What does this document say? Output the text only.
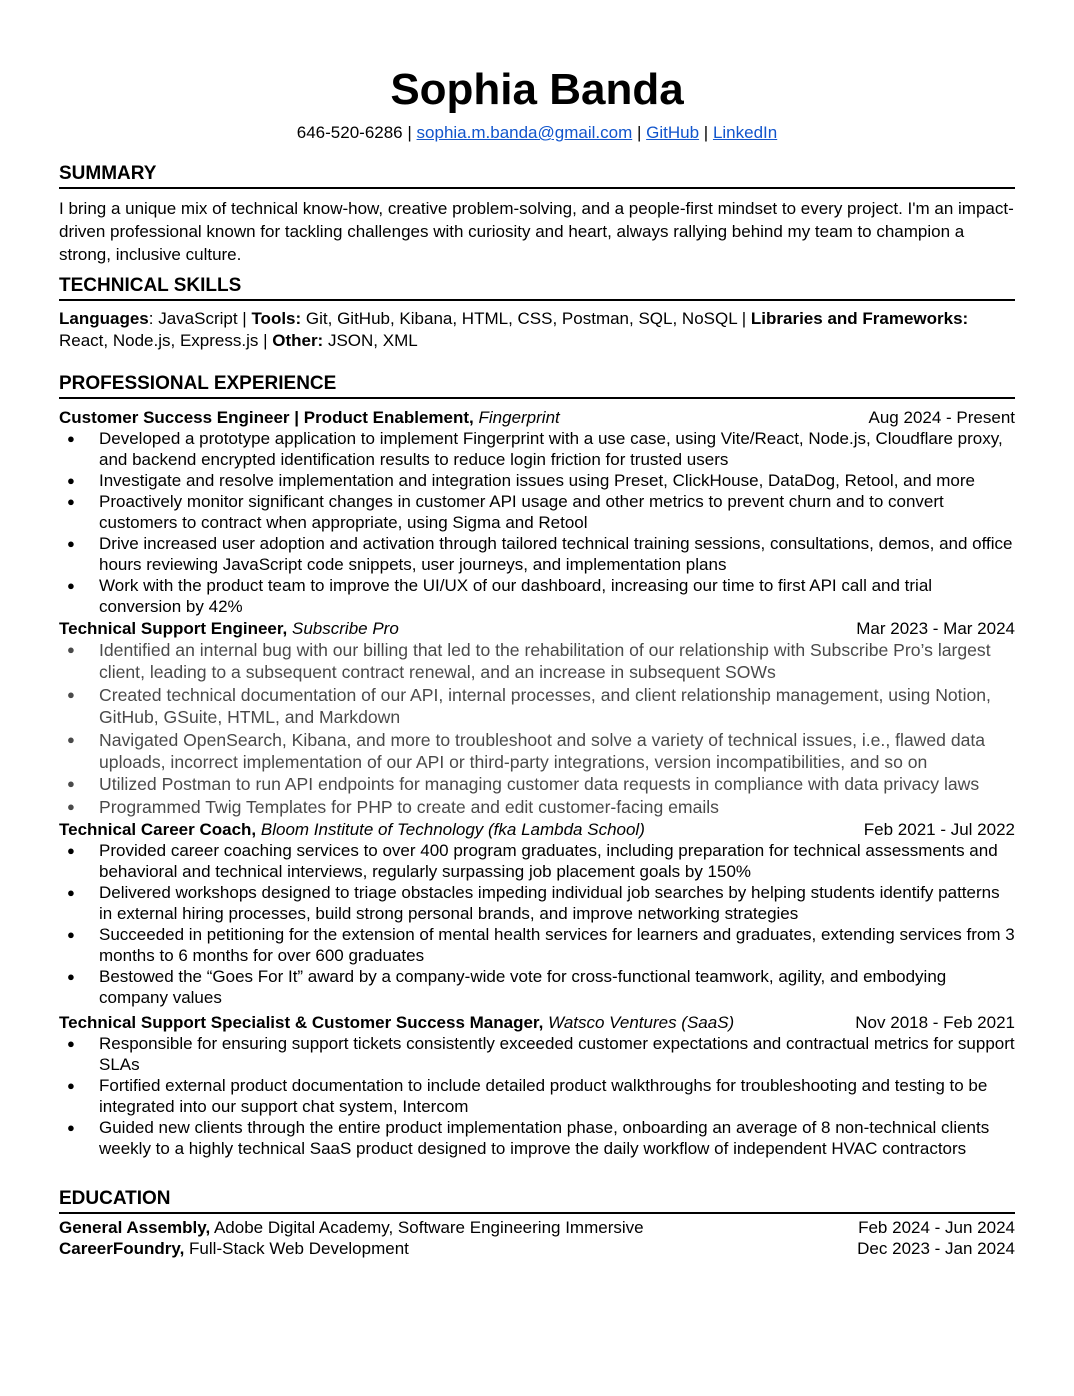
Sophia Banda
646-520-6286 | sophia.m.banda@gmail.com | GitHub | LinkedIn
SUMMARY
I bring a unique mix of technical know-how, creative problem-solving, and a people-first mindset to every project. I'm an impact-driven professional known for tackling challenges with curiosity and heart, always rallying behind my team to champion a strong, inclusive culture.
TECHNICAL SKILLS
Languages: JavaScript | Tools: Git, GitHub, Kibana, HTML, CSS, Postman, SQL, NoSQL | Libraries and Frameworks: React, Node.js, Express.js | Other: JSON, XML
PROFESSIONAL EXPERIENCE
Customer Success Engineer | Product Enablement, Fingerprint	Aug 2024 - Present
● Developed a prototype application to implement Fingerprint with a use case, using Vite/React, Node.js, Cloudflare proxy, and backend encrypted identification results to reduce login friction for trusted users
● Investigate and resolve implementation and integration issues using Preset, ClickHouse, DataDog, Retool, and more
● Proactively monitor significant changes in customer API usage and other metrics to prevent churn and to convert customers to contract when appropriate, using Sigma and Retool
● Drive increased user adoption and activation through tailored technical training sessions, consultations, demos, and office hours reviewing JavaScript code snippets, user journeys, and implementation plans
● Work with the product team to improve the UI/UX of our dashboard, increasing our time to first API call and trial conversion by 42%
Technical Support Engineer, Subscribe Pro	Mar 2023 - Mar 2024
● Identified an internal bug with our billing that led to the rehabilitation of our relationship with Subscribe Pro’s largest client, leading to a subsequent contract renewal, and an increase in subsequent SOWs
● Created technical documentation of our API, internal processes, and client relationship management, using Notion, GitHub, GSuite, HTML, and Markdown
● Navigated OpenSearch, Kibana, and more to troubleshoot and solve a variety of technical issues, i.e., flawed data uploads, incorrect implementation of our API or third-party integrations, version incompatibilities, and so on
● Utilized Postman to run API endpoints for managing customer data requests in compliance with data privacy laws
● Programmed Twig Templates for PHP to create and edit customer-facing emails
Technical Career Coach, Bloom Institute of Technology (fka Lambda School)	Feb 2021 - Jul 2022
● Provided career coaching services to over 400 program graduates, including preparation for technical assessments and behavioral and technical interviews, regularly surpassing job placement goals by 150%
● Delivered workshops designed to triage obstacles impeding individual job searches by helping students identify patterns in external hiring processes, build strong personal brands, and improve networking strategies
● Succeeded in petitioning for the extension of mental health services for learners and graduates, extending services from 3 months to 6 months for over 600 graduates
● Bestowed the “Goes For It” award by a company-wide vote for cross-functional teamwork, agility, and embodying company values
Technical Support Specialist & Customer Success Manager, Watsco Ventures (SaaS)	Nov 2018 - Feb 2021
● Responsible for ensuring support tickets consistently exceeded customer expectations and contractual metrics for support SLAs
● Fortified external product documentation to include detailed product walkthroughs for troubleshooting and testing to be integrated into our support chat system, Intercom
● Guided new clients through the entire product implementation phase, onboarding an average of 8 non-technical clients weekly to a highly technical SaaS product designed to improve the daily workflow of independent HVAC contractors
EDUCATION
General Assembly, Adobe Digital Academy, Software Engineering Immersive	Feb 2024 - Jun 2024
CareerFoundry, Full-Stack Web Development	Dec 2023 - Jan 2024
